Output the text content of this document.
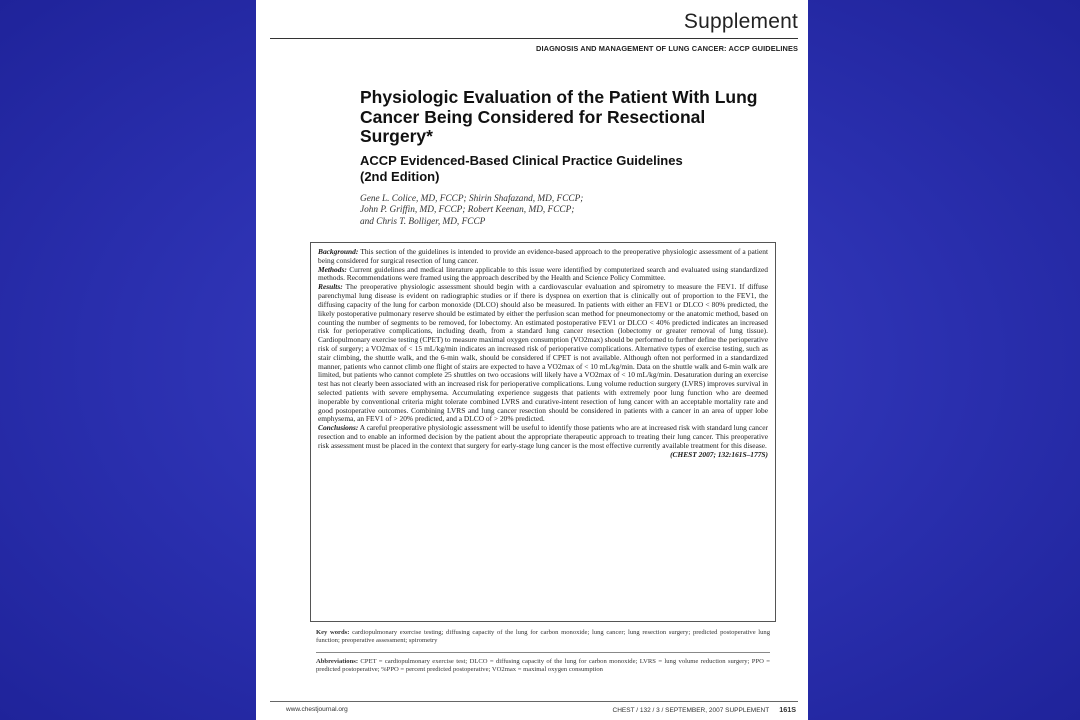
Supplement
DIAGNOSIS AND MANAGEMENT OF LUNG CANCER: ACCP GUIDELINES
Physiologic Evaluation of the Patient With Lung Cancer Being Considered for Resectional Surgery*
ACCP Evidenced-Based Clinical Practice Guidelines (2nd Edition)
Gene L. Colice, MD, FCCP; Shirin Shafazand, MD, FCCP;
John P. Griffin, MD, FCCP; Robert Keenan, MD, FCCP;
and Chris T. Bolliger, MD, FCCP

Background: This section of the guidelines is intended to provide an evidence-based approach to the preoperative physiologic assessment of a patient being considered for surgical resection of lung cancer.

Methods: Current guidelines and medical literature applicable to this issue were identified by computerized search and evaluated using standardized methods. Recommendations were framed using the approach described by the Health and Science Policy Committee.

Results: The preoperative physiologic assessment should begin with a cardiovascular evaluation and spirometry to measure the FEV1. If diffuse parenchymal lung disease is evident on radiographic studies or if there is dyspnea on exertion that is clinically out of proportion to the FEV1, the diffusing capacity of the lung for carbon monoxide (DLCO) should also be measured. In patients with either an FEV1 or DLCO < 80% predicted, the likely postoperative pulmonary reserve should be estimated by either the perfusion scan method for pneumonectomy or the anatomic method, based on counting the number of segments to be removed, for lobectomy. An estimated postoperative FEV1 or DLCO < 40% predicted indicates an increased risk for perioperative complications, including death, from a standard lung cancer resection (lobectomy or greater removal of lung tissue). Cardiopulmonary exercise testing (CPET) to measure maximal oxygen consumption (VO2max) should be performed to further define the perioperative risk of surgery; a VO2max of < 15 mL/kg/min indicates an increased risk of perioperative complications. Alternative types of exercise testing, such as stair climbing, the shuttle walk, and the 6-min walk, should be considered if CPET is not available. Although often not performed in a standardized manner, patients who cannot climb one flight of stairs are expected to have a VO2max of < 10 mL/kg/min. Data on the shuttle walk and 6-min walk are limited, but patients who cannot complete 25 shuttles on two occasions will likely have a VO2max of < 10 mL/kg/min. Desaturation during an exercise test has not clearly been associated with an increased risk for perioperative complications. Lung volume reduction surgery (LVRS) improves survival in selected patients with severe emphysema. Accumulating experience suggests that patients with extremely poor lung function who are deemed inoperable by conventional criteria might tolerate combined LVRS and curative-intent resection of lung cancer with an acceptable mortality rate and good postoperative outcomes. Combining LVRS and lung cancer resection should be considered in patients with a cancer in an area of upper lobe emphysema, an FEV1 of > 20% predicted, and a DLCO of > 20% predicted.

Conclusions: A careful preoperative physiologic assessment will be useful to identify those patients who are at increased risk with standard lung cancer resection and to enable an informed decision by the patient about the appropriate therapeutic approach to treating their lung cancer. This preoperative risk assessment must be placed in the context that surgery for early-stage lung cancer is the most effective currently available treatment for this disease.
(CHEST 2007; 132:161S–177S)

Key words: cardiopulmonary exercise testing; diffusing capacity of the lung for carbon monoxide; lung cancer; lung resection surgery; predicted postoperative lung function; preoperative assessment; spirometry
Abbreviations: CPET = cardiopulmonary exercise test; DLCO = diffusing capacity of the lung for carbon monoxide; LVRS = lung volume reduction surgery; PPO = predicted postoperative; %PPO = percent predicted postoperative; VO2max = maximal oxygen consumption
www.chestjournal.org	CHEST / 132 / 3 / SEPTEMBER, 2007 SUPPLEMENT 161S
